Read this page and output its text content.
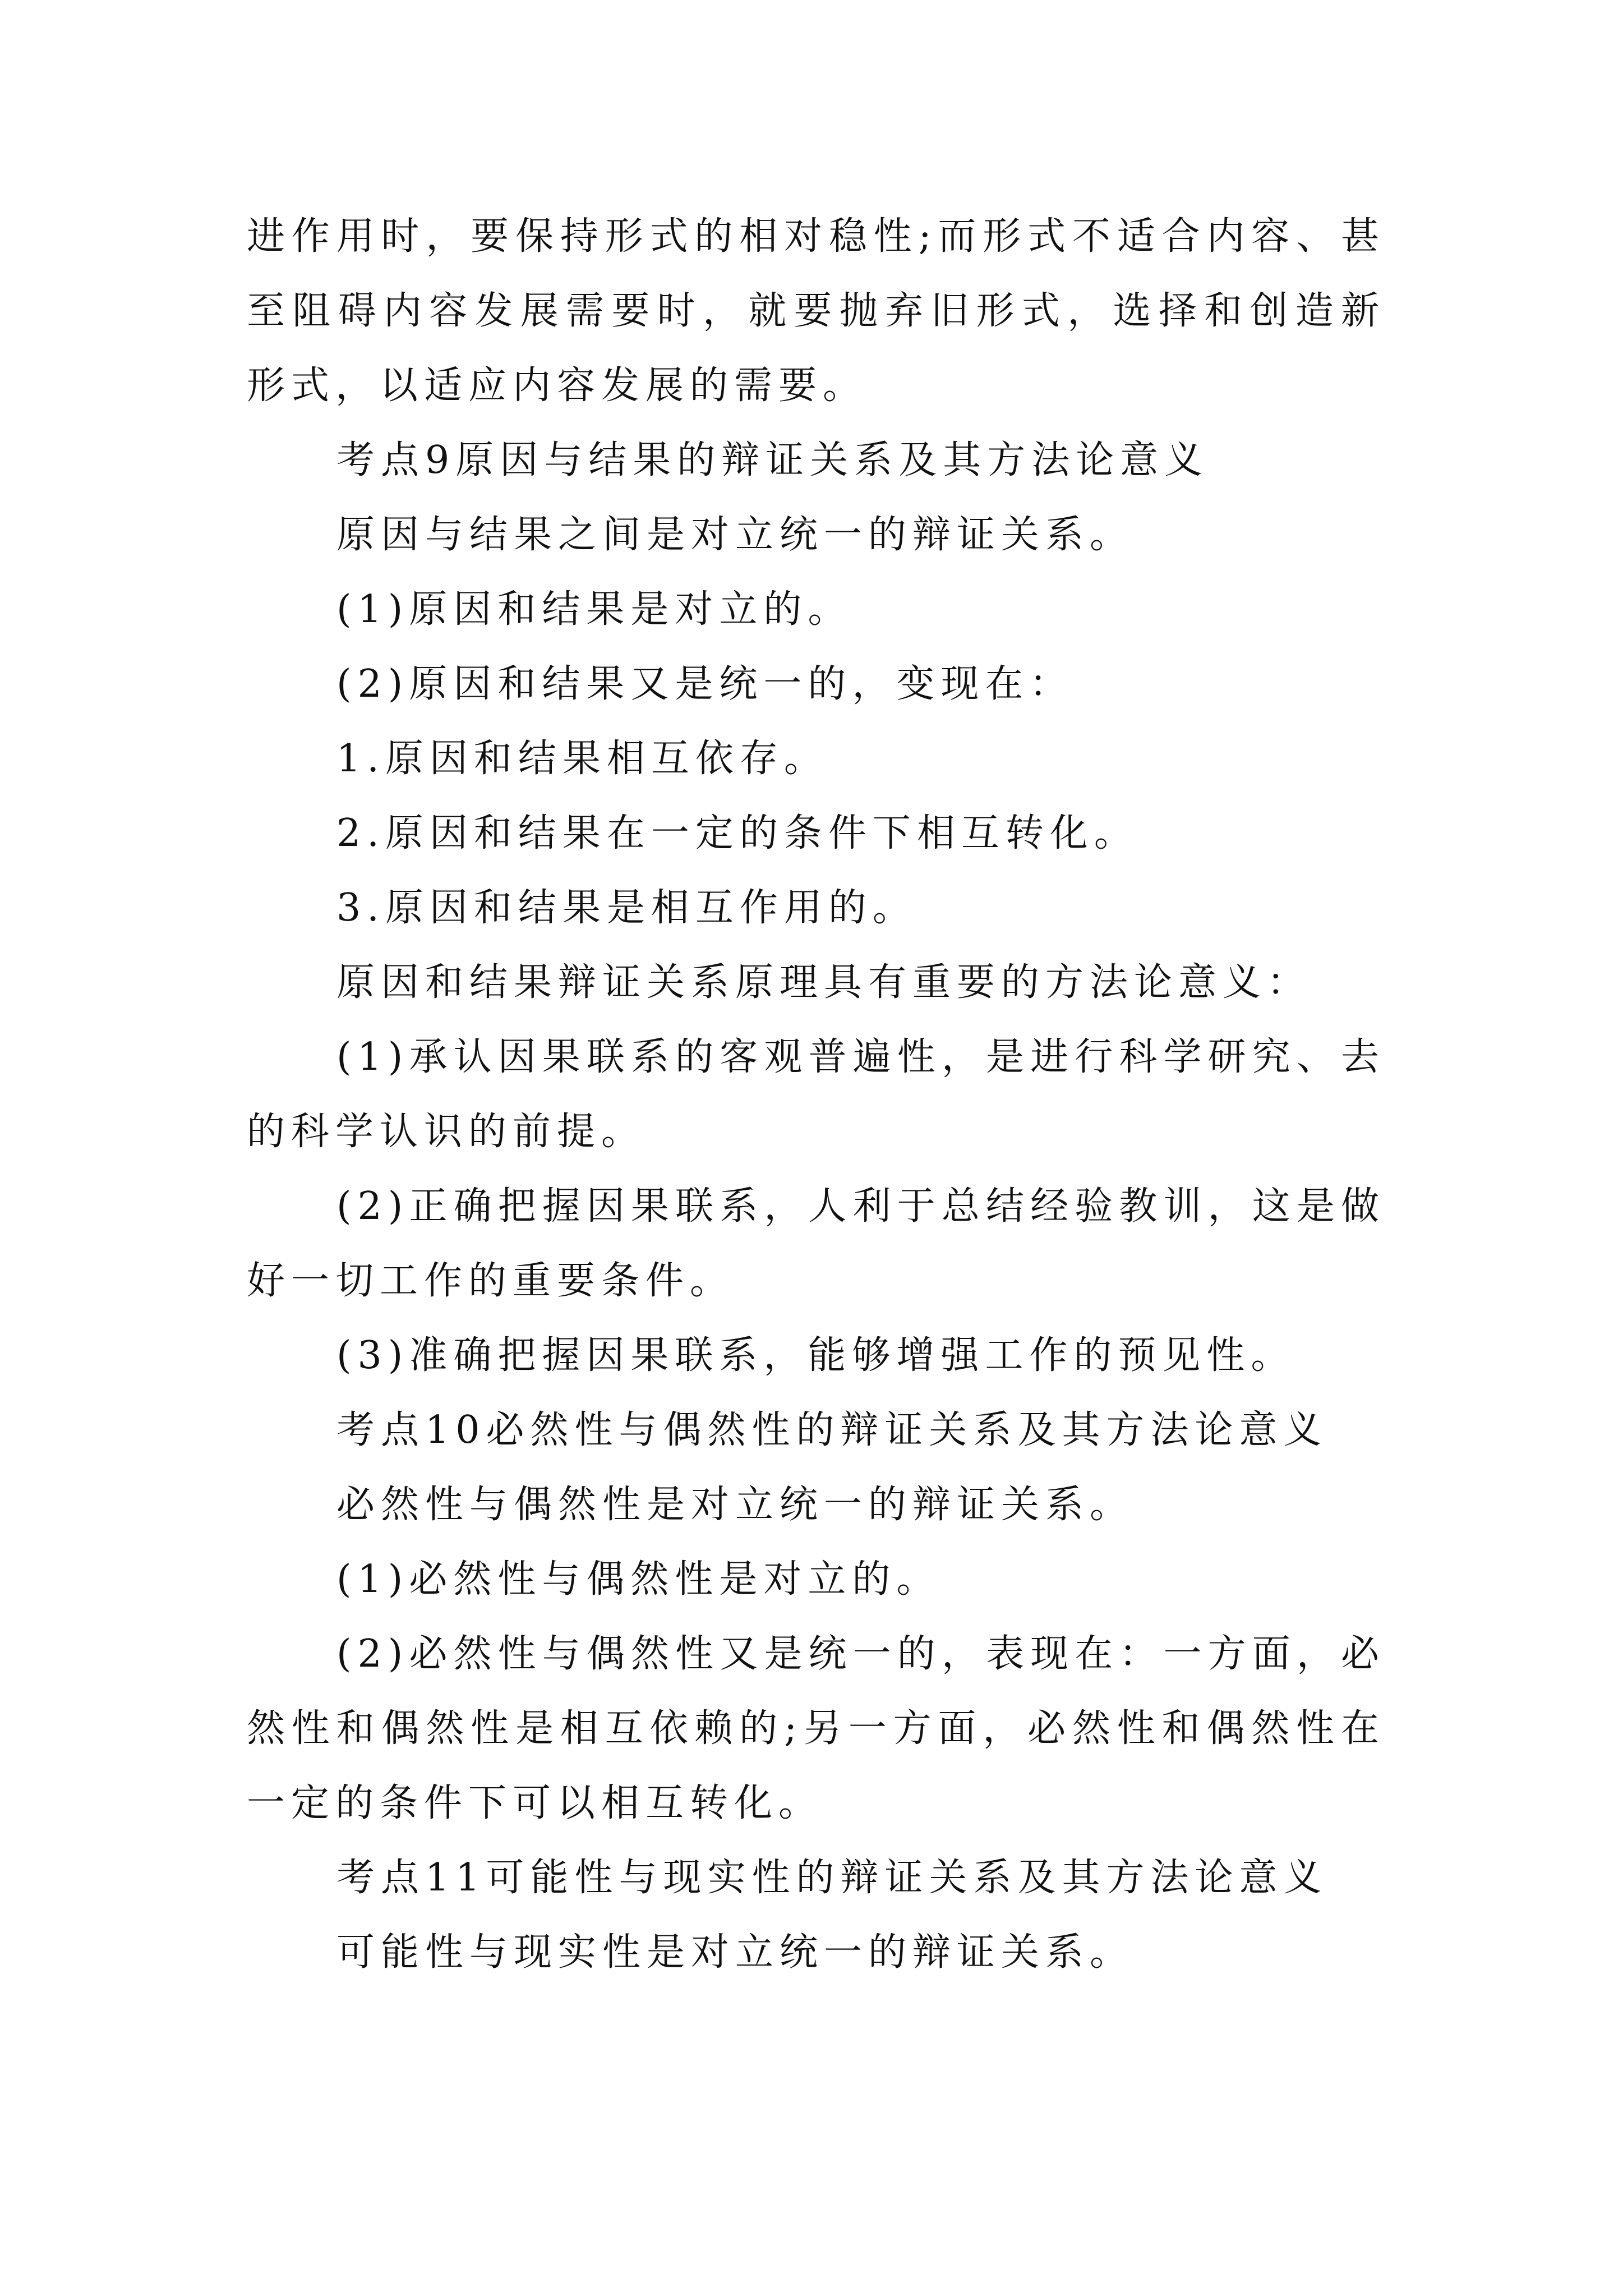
进作用时，要保持形式的相对稳性;而形式不适合内容、甚至阻碍内容发展需要时，就要抛弃旧形式，选择和创造新形式，以适应内容发展的需要。

考点9原因与结果的辩证关系及其方法论意义

原因与结果之间是对立统一的辩证关系。

(1)原因和结果是对立的。

(2)原因和结果又是统一的，变现在：

1.原因和结果相互依存。

2.原因和结果在一定的条件下相互转化。

3.原因和结果是相互作用的。

原因和结果辩证关系原理具有重要的方法论意义：

(1)承认因果联系的客观普遍性，是进行科学研究、去的科学认识的前提。

(2)正确把握因果联系，人利于总结经验教训，这是做好一切工作的重要条件。

(3)准确把握因果联系，能够增强工作的预见性。

考点10必然性与偶然性的辩证关系及其方法论意义

必然性与偶然性是对立统一的辩证关系。

(1)必然性与偶然性是对立的。

(2)必然性与偶然性又是统一的，表现在：一方面，必然性和偶然性是相互依赖的;另一方面，必然性和偶然性在一定的条件下可以相互转化。

考点11可能性与现实性的辩证关系及其方法论意义

可能性与现实性是对立统一的辩证关系。
